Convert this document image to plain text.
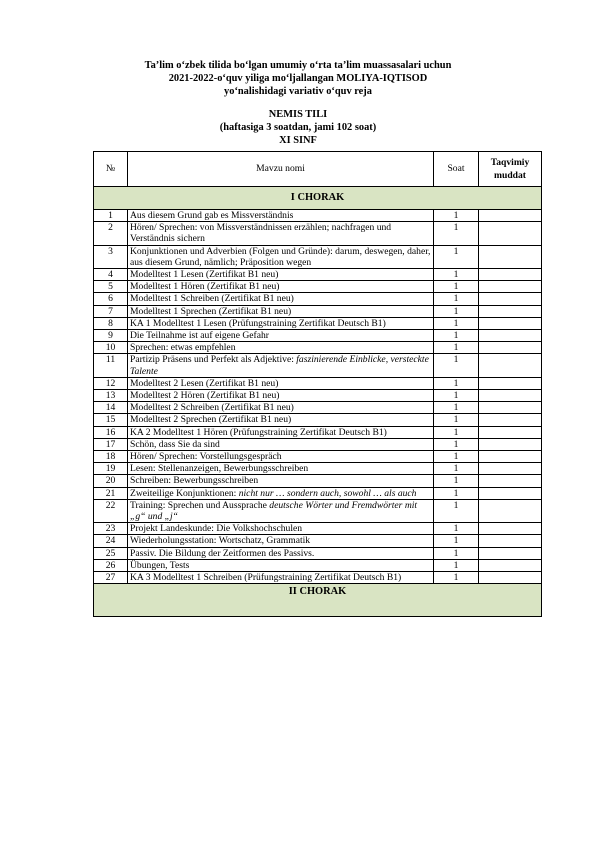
Ta’lim o‘zbek tilida bo‘lgan umumiy o‘rta ta’lim muassasalari uchun
2021-2022-o‘quv yiliga mo‘ljallangan MOLIYA-IQTISOD
yo‘nalishidagi variativ o‘quv reja
NEMIS TILI
(haftasiga 3 soatdan, jami 102 soat)
XI SINF
№	Mavzu nomi	Soat	Taqvimiy muddat
I CHORAK			
1	Aus diesem Grund gab es Missverständnis	1	
2	Hören/ Sprechen: von Missverständnissen erzählen; nachfragen und Verständnis sichern	1	
3	Konjunktionen und Adverbien (Folgen und Gründe): darum, deswegen, daher, aus diesem Grund, nämlich; Präposition wegen	1	
4	Modelltest 1 Lesen (Zertifikat B1 neu)	1	
5	Modelltest 1 Hören (Zertifikat B1 neu)	1	
6	Modelltest 1 Schreiben (Zertifikat B1 neu)	1	
7	Modelltest 1 Sprechen (Zertifikat B1 neu)	1	
8	KA 1 Modelltest 1 Lesen (Prüfungstraining Zertifikat Deutsch B1)	1	
9	Die Teilnahme ist auf eigene Gefahr	1	
10	Sprechen: etwas empfehlen	1	
11	Partizip Präsens und Perfekt als Adjektive: faszinierende Einblicke, versteckte Talente	1	
12	Modelltest 2 Lesen (Zertifikat B1 neu)	1	
13	Modelltest 2 Hören (Zertifikat B1 neu)	1	
14	Modelltest 2 Schreiben (Zertifikat B1 neu)	1	
15	Modelltest 2 Sprechen (Zertifikat B1 neu)	1	
16	KA 2 Modelltest 1 Hören (Prüfungstraining Zertifikat Deutsch B1)	1	
17	Schön, dass Sie da sind	1	
18	Hören/ Sprechen: Vorstellungsgespräch	1	
19	Lesen: Stellenanzeigen, Bewerbungsschreiben	1	
20	Schreiben: Bewerbungsschreiben	1	
21	Zweiteilige Konjunktionen: nicht nur … sondern auch, sowohl … als auch	1	
22	Training: Sprechen und Aussprache deutsche Wörter und Fremdwörter mit „g“ und „j“	1	
23	Projekt Landeskunde: Die Volkshochschulen	1	
24	Wiederholungsstation: Wortschatz, Grammatik	1	
25	Passiv. Die Bildung der Zeitformen des Passivs.	1	
26	Übungen, Tests	1	
27	KA 3 Modelltest 1 Schreiben (Prüfungstraining Zertifikat Deutsch B1)	1	
II CHORAK			
